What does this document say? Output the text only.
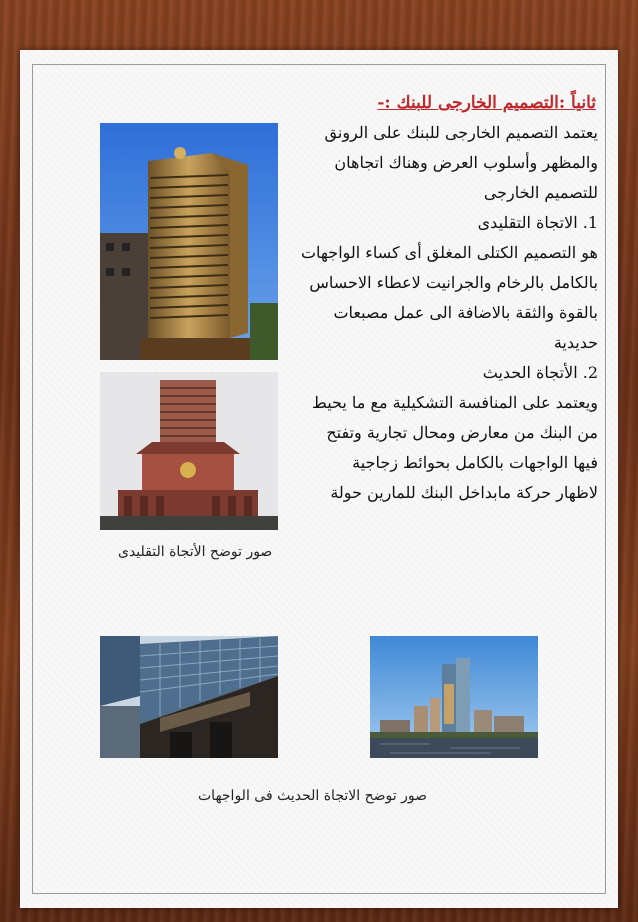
ثانياً :التصميم الخارجى للبنك :-
يعتمد التصميم الخارجى للبنك على الرونق
والمظهر وأسلوب العرض وهناك اتجاهان
للتصميم الخارجى
1. الاتجاة التقليدى
هو التصميم الكتلى المغلق أى كساء الواجهات
بالكامل بالرخام والجرانيت لاعطاء الاحساس
بالقوة والثقة بالاضافة الى عمل مصبعات
حديدية
2. الأتجاة الحديث
ويعتمد على المنافسة التشكيلية مع ما يحيط
من البنك من معارض ومحال تجارية وتفتح
فيها الواجهات بالكامل بحوائط زجاجية
لاظهار حركة مابداخل البنك للمارين حولة
صور توضح الأتجاة التقليدى
صور توضح الاتجاة الحديث فى الواجهات
